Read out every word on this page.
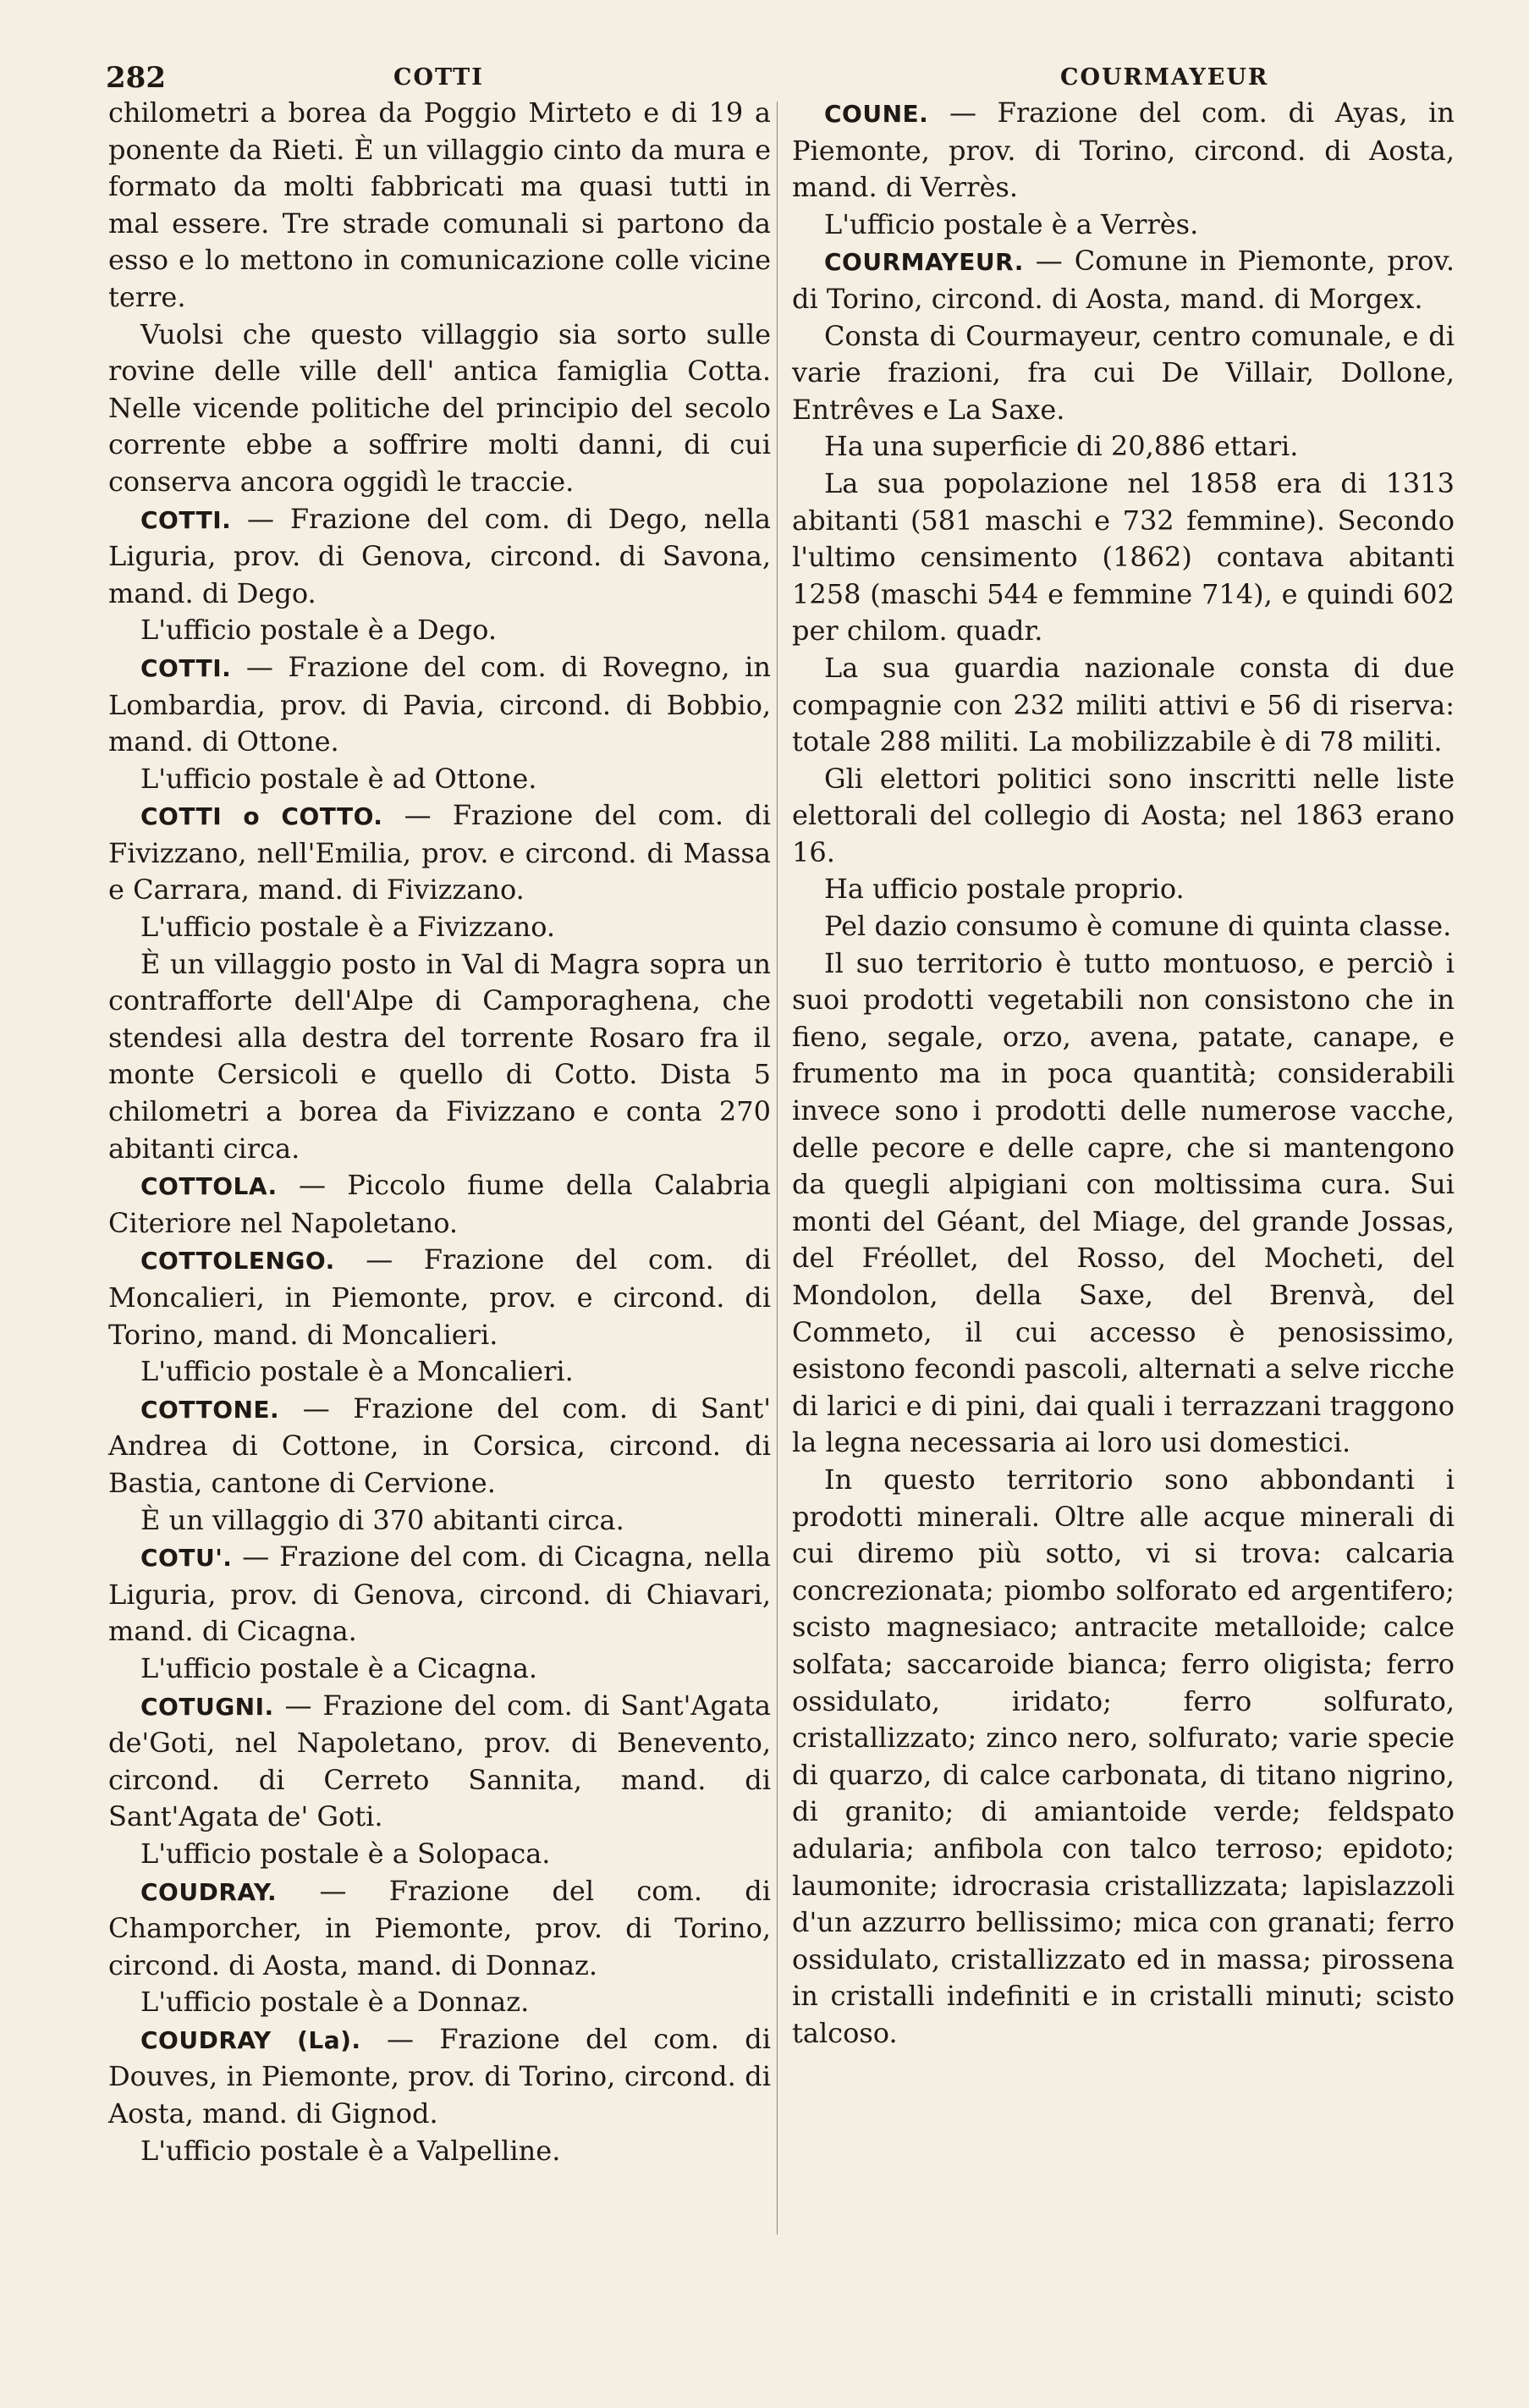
282	COTTI	COURMAYEUR

chilometri a borea da Poggio Mirteto e di 19 a ponente da Rieti. È un villaggio cinto da mura e formato da molti fabbricati ma quasi tutti in mal essere. Tre strade comunali si partono da esso e lo mettono in comunicazione colle vicine terre.

Vuolsi che questo villaggio sia sorto sulle rovine delle ville dell' antica famiglia Cotta. Nelle vicende politiche del principio del secolo corrente ebbe a soffrire molti danni, di cui conserva ancora oggidì le traccie.

COTTI. — Frazione del com. di Dego, nella Liguria, prov. di Genova, circond. di Savona, mand. di Dego.

L'ufficio postale è a Dego.

COTTI. — Frazione del com. di Rovegno, in Lombardia, prov. di Pavia, circond. di Bobbio, mand. di Ottone.

L'ufficio postale è ad Ottone.

COTTI o COTTO. — Frazione del com. di Fivizzano, nell'Emilia, prov. e circond. di Massa e Carrara, mand. di Fivizzano.

L'ufficio postale è a Fivizzano.

È un villaggio posto in Val di Magra sopra un contrafforte dell'Alpe di Camporaghena, che stendesi alla destra del torrente Rosaro fra il monte Cersicoli e quello di Cotto. Dista 5 chilometri a borea da Fivizzano e conta 270 abitanti circa.

COTTOLA. — Piccolo fiume della Calabria Citeriore nel Napoletano.

COTTOLENGO. — Frazione del com. di Moncalieri, in Piemonte, prov. e circond. di Torino, mand. di Moncalieri.

L'ufficio postale è a Moncalieri.

COTTONE. — Frazione del com. di Sant' Andrea di Cottone, in Corsica, circond. di Bastia, cantone di Cervione.

È un villaggio di 370 abitanti circa.

COTU'. — Frazione del com. di Cicagna, nella Liguria, prov. di Genova, circond. di Chiavari, mand. di Cicagna.

L'ufficio postale è a Cicagna.

COTUGNI. — Frazione del com. di Sant'Agata de'Goti, nel Napoletano, prov. di Benevento, circond. di Cerreto Sannita, mand. di Sant'Agata de' Goti.

L'ufficio postale è a Solopaca.

COUDRAY. — Frazione del com. di Champorcher, in Piemonte, prov. di Torino, circond. di Aosta, mand. di Donnaz.

L'ufficio postale è a Donnaz.

COUDRAY (La). — Frazione del com. di Douves, in Piemonte, prov. di Torino, circond. di Aosta, mand. di Gignod.

L'ufficio postale è a Valpelline.

COUNE. — Frazione del com. di Ayas, in Piemonte, prov. di Torino, circond. di Aosta, mand. di Verrès.

L'ufficio postale è a Verrès.

COURMAYEUR. — Comune in Piemonte, prov. di Torino, circond. di Aosta, mand. di Morgex.

Consta di Courmayeur, centro comunale, e di varie frazioni, fra cui De Villair, Dollone, Entrêves e La Saxe.

Ha una superficie di 20,886 ettari.

La sua popolazione nel 1858 era di 1313 abitanti (581 maschi e 732 femmine). Secondo l'ultimo censimento (1862) contava abitanti 1258 (maschi 544 e femmine 714), e quindi 602 per chilom. quadr.

La sua guardia nazionale consta di due compagnie con 232 militi attivi e 56 di riserva: totale 288 militi. La mobilizzabile è di 78 militi.

Gli elettori politici sono inscritti nelle liste elettorali del collegio di Aosta; nel 1863 erano 16.

Ha ufficio postale proprio.

Pel dazio consumo è comune di quinta classe.

Il suo territorio è tutto montuoso, e perciò i suoi prodotti vegetabili non consistono che in fieno, segale, orzo, avena, patate, canape, e frumento ma in poca quantità; considerabili invece sono i prodotti delle numerose vacche, delle pecore e delle capre, che si mantengono da quegli alpigiani con moltissima cura. Sui monti del Géant, del Miage, del grande Jossas, del Fréollet, del Rosso, del Mocheti, del Mondolon, della Saxe, del Brenvà, del Commeto, il cui accesso è penosissimo, esistono fecondi pascoli, alternati a selve ricche di larici e di pini, dai quali i terrazzani traggono la legna necessaria ai loro usi domestici.

In questo territorio sono abbondanti i prodotti minerali. Oltre alle acque minerali di cui diremo più sotto, vi si trova: calcaria concrezionata; piombo solforato ed argentifero; scisto magnesiaco; antracite metalloide; calce solfata; saccaroide bianca; ferro oligista; ferro ossidulato, iridato; ferro solfurato, cristallizzato; zinco nero, solfurato; varie specie di quarzo, di calce carbonata, di titano nigrino, di granito; di amiantoide verde; feldspato adularia; anfibola con talco terroso; epidoto; laumonite; idrocrasia cristallizzata; lapislazzoli d'un azzurro bellissimo; mica con granati; ferro ossidulato, cristallizzato ed in massa; pirossena in cristalli indefiniti e in cristalli minuti; scisto talcoso.
